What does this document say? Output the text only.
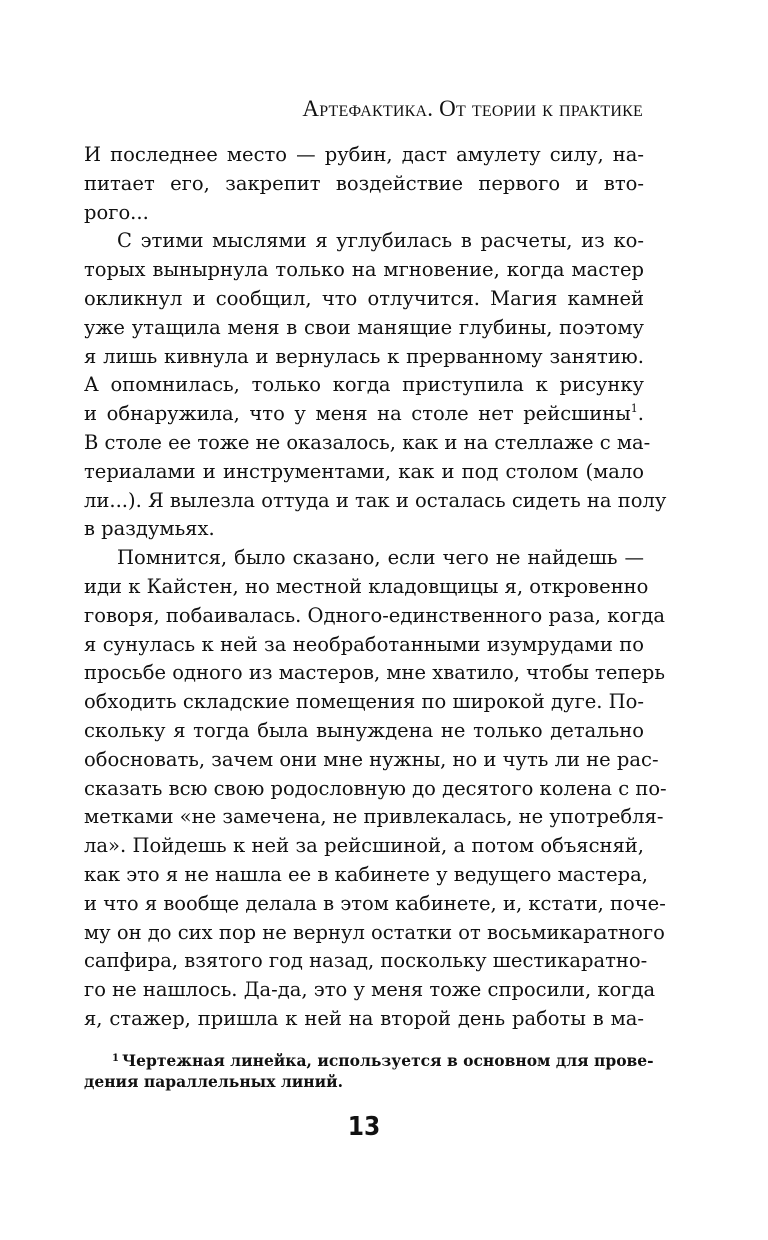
Артефактика. От теории к практике
И последнее место — рубин, даст амулету силу, на-
питает его, закрепит воздействие первого и вто-
рого...
С этими мыслями я углубилась в расчеты, из ко-
торых вынырнула только на мгновение, когда мастер
окликнул и сообщил, что отлучится. Магия камней
уже утащила меня в свои манящие глубины, поэтому
я лишь кивнула и вернулась к прерванному занятию.
А опомнилась, только когда приступила к рисунку
и обнаружила, что у меня на столе нет рейсшины$^1$.
В столе ее тоже не оказалось, как и на стеллаже с ма-
териалами и инструментами, как и под столом (мало
ли...). Я вылезла оттуда и так и осталась сидеть на полу
в раздумьях.
Помнится, было сказано, если чего не найдешь —
иди к Кайстен, но местной кладовщицы я, откровенно
говоря, побаивалась. Одного-единственного раза, когда
я сунулась к ней за необработанными изумрудами по
просьбе одного из мастеров, мне хватило, чтобы теперь
обходить складские помещения по широкой дуге. По-
скольку я тогда была вынуждена не только детально
обосновать, зачем они мне нужны, но и чуть ли не рас-
сказать всю свою родословную до десятого колена с по-
метками «не замечена, не привлекалась, не употребля-
ла». Пойдешь к ней за рейсшиной, а потом объясняй,
как это я не нашла ее в кабинете у ведущего мастера,
и что я вообще делала в этом кабинете, и, кстати, поче-
му он до сих пор не вернул остатки от восьмикаратного
сапфира, взятого год назад, поскольку шестикаратно-
го не нашлось. Да-да, это у меня тоже спросили, когда
я, стажер, пришла к ней на второй день работы в ма-
$^1$ Чертежная линейка, используется в основном для прове-
дения параллельных линий.
13
